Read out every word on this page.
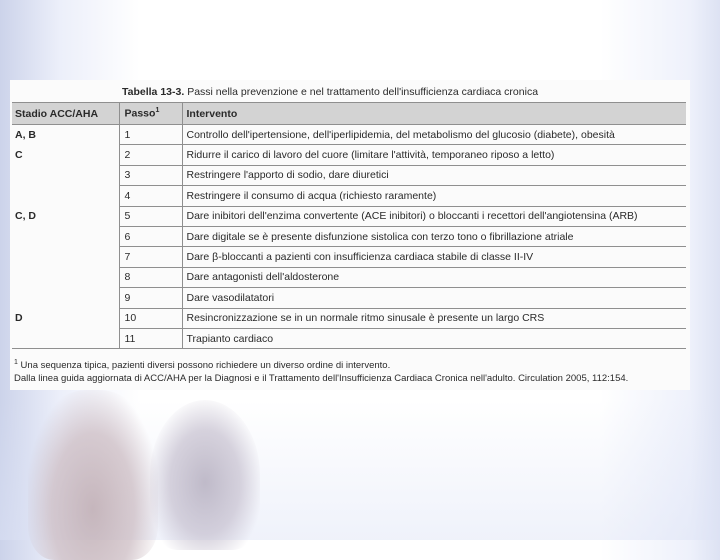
Tabella 13-3. Passi nella prevenzione e nel trattamento dell'insufficienza cardiaca cronica
Stadio ACC/AHA	Passo$^1$	Intervento
A, B	1	Controllo dell'ipertensione, dell'iperlipidemia, del metabolismo del glucosio (diabete), obesità
C	2	Ridurre il carico di lavoro del cuore (limitare l'attività, temporaneo riposo a letto)
	3	Restringere l'apporto di sodio, dare diuretici
	4	Restringere il consumo di acqua (richiesto raramente)
C, D	5	Dare inibitori dell'enzima convertente (ACE inibitori) o bloccanti i recettori dell'angiotensina (ARB)
	6	Dare digitale se è presente disfunzione sistolica con terzo tono o fibrillazione atriale
	7	Dare β-bloccanti a pazienti con insufficienza cardiaca stabile di classe II-IV
	8	Dare antagonisti dell'aldosterone
	9	Dare vasodilatatori
D	10	Resincronizzazione se in un normale ritmo sinusale è presente un largo CRS
	11	Trapianto cardiaco
$^1$ Una sequenza tipica, pazienti diversi possono richiedere un diverso ordine di intervento.
Dalla linea guida aggiornata di ACC/AHA per la Diagnosi e il Trattamento dell'Insufficienza Cardiaca Cronica nell'adulto. Circulation 2005, 112:154.
